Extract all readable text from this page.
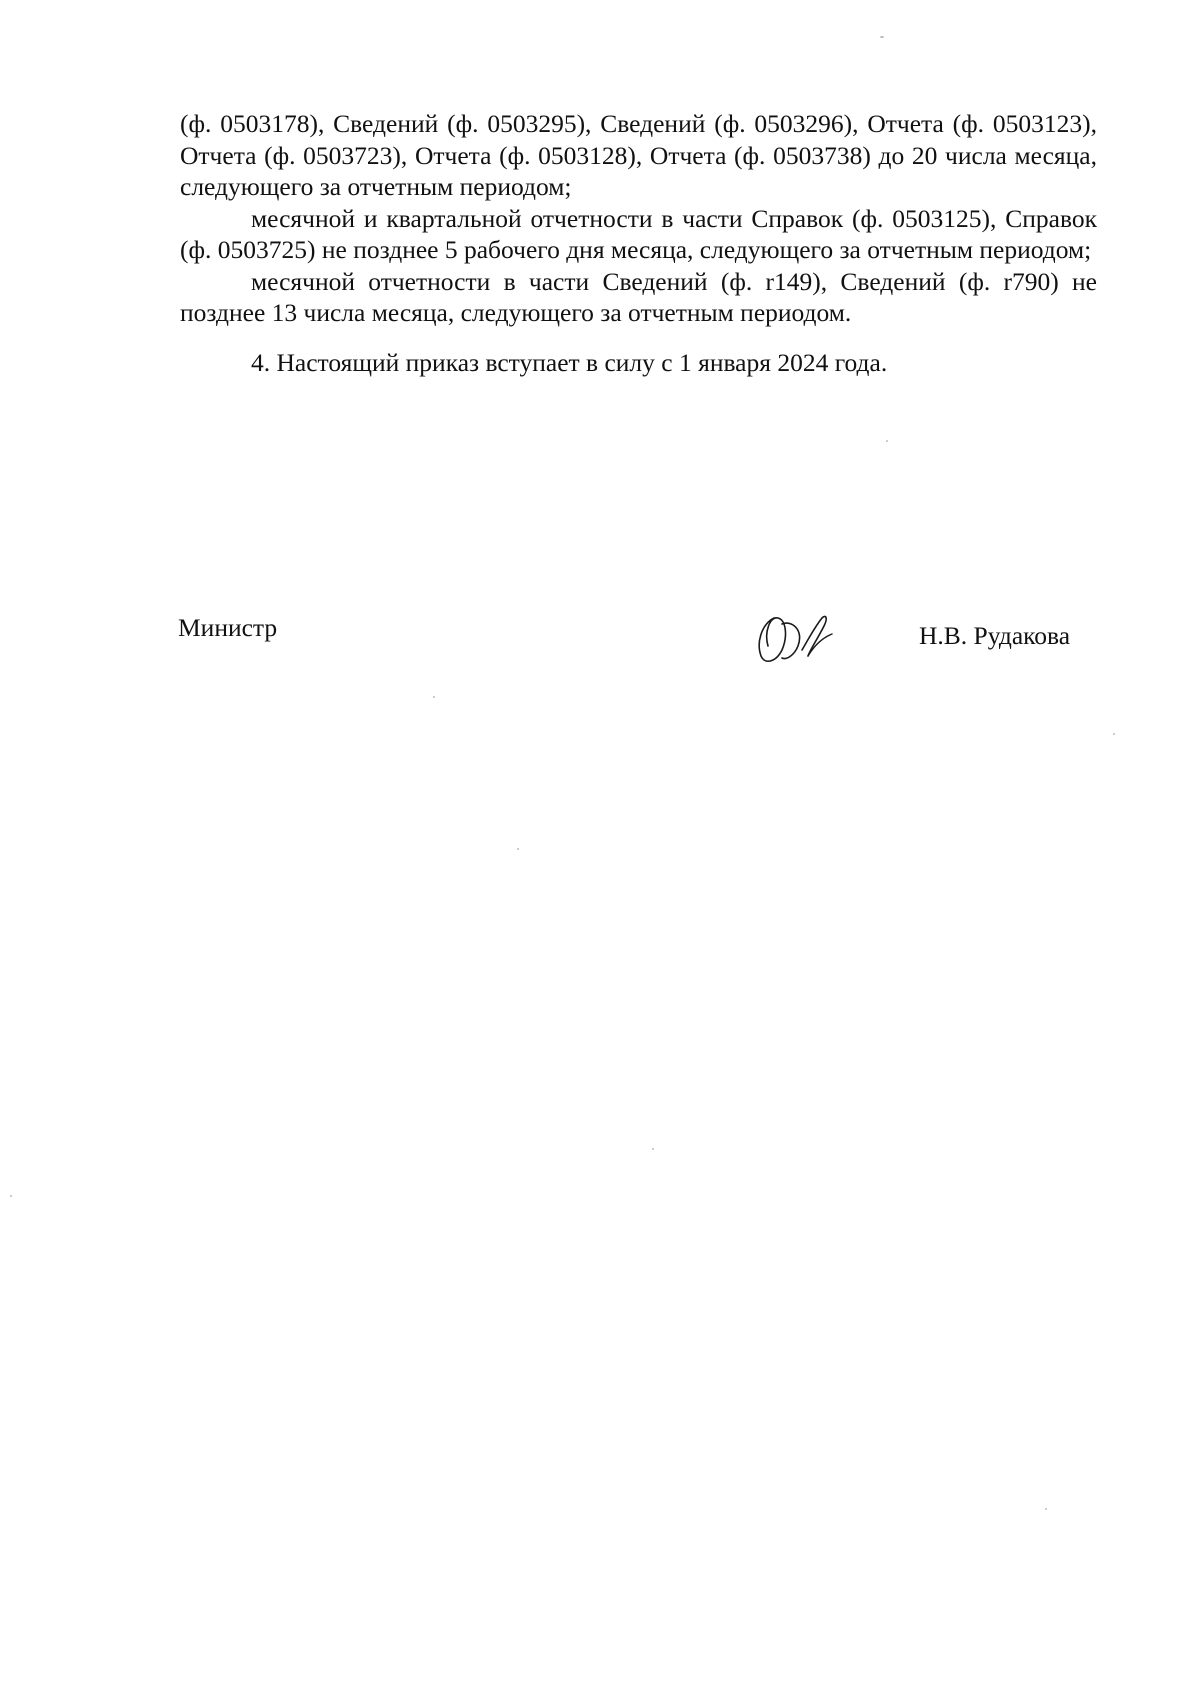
(ф. 0503178), Сведений (ф. 0503295), Сведений (ф. 0503296), Отчета (ф. 0503123), Отчета (ф. 0503723), Отчета (ф. 0503128), Отчета (ф. 0503738) до 20 числа месяца, следующего за отчетным периодом;

месячной и квартальной отчетности в части Справок (ф. 0503125), Справок (ф. 0503725) не позднее 5 рабочего дня месяца, следующего за отчетным периодом;

месячной отчетности в части Сведений (ф. r149), Сведений (ф. r790) не позднее 13 числа месяца, следующего за отчетным периодом.

4. Настоящий приказ вступает в силу с 1 января 2024 года.

Министр	Н.В. Рудакова
